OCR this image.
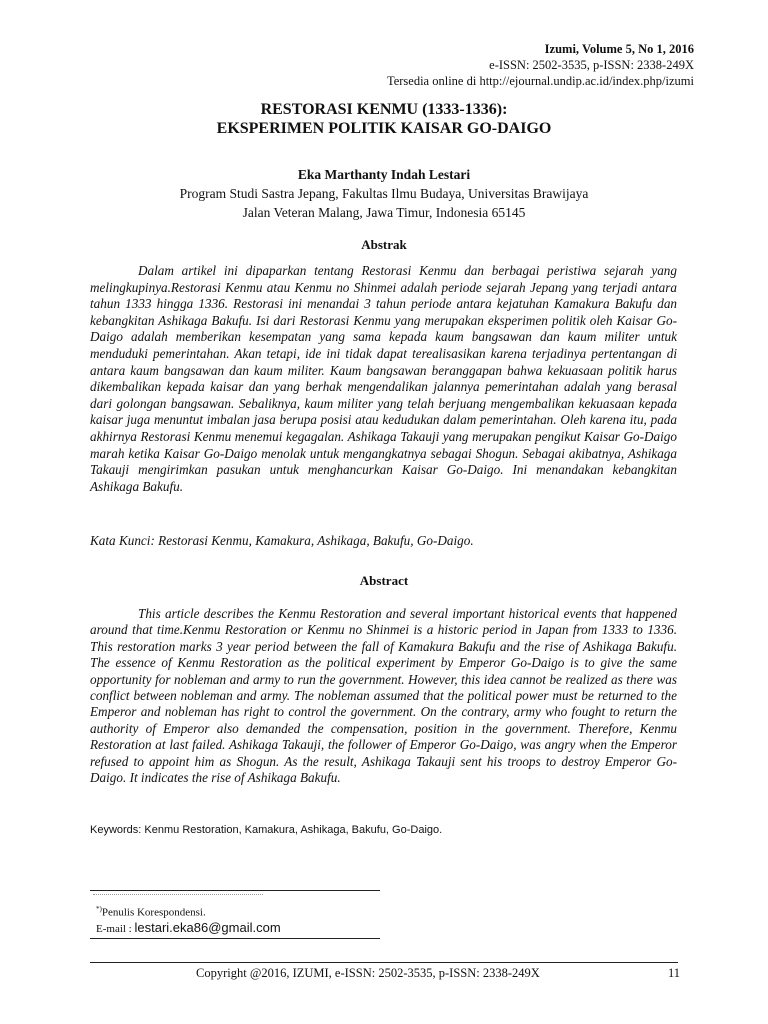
Izumi, Volume 5, No 1, 2016
e-ISSN: 2502-3535, p-ISSN: 2338-249X
Tersedia online di http://ejournal.undip.ac.id/index.php/izumi
RESTORASI KENMU (1333-1336):
EKSPERIMEN POLITIK KAISAR GO-DAIGO
Eka Marthanty Indah Lestari
Program Studi Sastra Jepang, Fakultas Ilmu Budaya, Universitas Brawijaya
Jalan Veteran Malang, Jawa Timur, Indonesia 65145
Abstrak

Dalam artikel ini dipaparkan tentang Restorasi Kenmu dan berbagai peristiwa sejarah yang melingkupinya.Restorasi Kenmu atau Kenmu no Shinmei adalah periode sejarah Jepang yang terjadi antara tahun 1333 hingga 1336. Restorasi ini menandai 3 tahun periode antara kejatuhan Kamakura Bakufu dan kebangkitan Ashikaga Bakufu. Isi dari Restorasi Kenmu yang merupakan eksperimen politik oleh Kaisar Go-Daigo adalah memberikan kesempatan yang sama kepada kaum bangsawan dan kaum militer untuk menduduki pemerintahan. Akan tetapi, ide ini tidak dapat terealisasikan karena terjadinya pertentangan di antara kaum bangsawan dan kaum militer. Kaum bangsawan beranggapan bahwa kekuasaan politik harus dikembalikan kepada kaisar dan yang berhak mengendalikan jalannya pemerintahan adalah yang berasal dari golongan bangsawan. Sebaliknya, kaum militer yang telah berjuang mengembalikan kekuasaan kepada kaisar juga menuntut imbalan jasa berupa posisi atau kedudukan dalam pemerintahan. Oleh karena itu, pada akhirnya Restorasi Kenmu menemui kegagalan. Ashikaga Takauji yang merupakan pengikut Kaisar Go-Daigo marah ketika Kaisar Go-Daigo menolak untuk mengangkatnya sebagai Shogun. Sebagai akibatnya, Ashikaga Takauji mengirimkan pasukan untuk menghancurkan Kaisar Go-Daigo. Ini menandakan kebangkitan Ashikaga Bakufu.

Kata Kunci: Restorasi Kenmu, Kamakura, Ashikaga, Bakufu, Go-Daigo.
Abstract

This article describes the Kenmu Restoration and several important historical events that happened around that time.Kenmu Restoration or Kenmu no Shinmei is a historic period in Japan from 1333 to 1336. This restoration marks 3 year period between the fall of Kamakura Bakufu and the rise of Ashikaga Bakufu. The essence of Kenmu Restoration as the political experiment by Emperor Go-Daigo is to give the same opportunity for nobleman and army to run the government. However, this idea cannot be realized as there was conflict between nobleman and army. The nobleman assumed that the political power must be returned to the Emperor and nobleman has right to control the government. On the contrary, army who fought to return the authority of Emperor also demanded the compensation, position in the government. Therefore, Kenmu Restoration at last failed. Ashikaga Takauji, the follower of Emperor Go-Daigo, was angry when the Emperor refused to appoint him as Shogun. As the result, Ashikaga Takauji sent his troops to destroy Emperor Go-Daigo. It indicates the rise of Ashikaga Bakufu.

Keywords: Kenmu Restoration, Kamakura, Ashikaga, Bakufu, Go-Daigo.
*)Penulis Korespondensi.
E-mail : lestari.eka86@gmail.com
Copyright @2016, IZUMI, e-ISSN: 2502-3535, p-ISSN: 2338-249X	11
